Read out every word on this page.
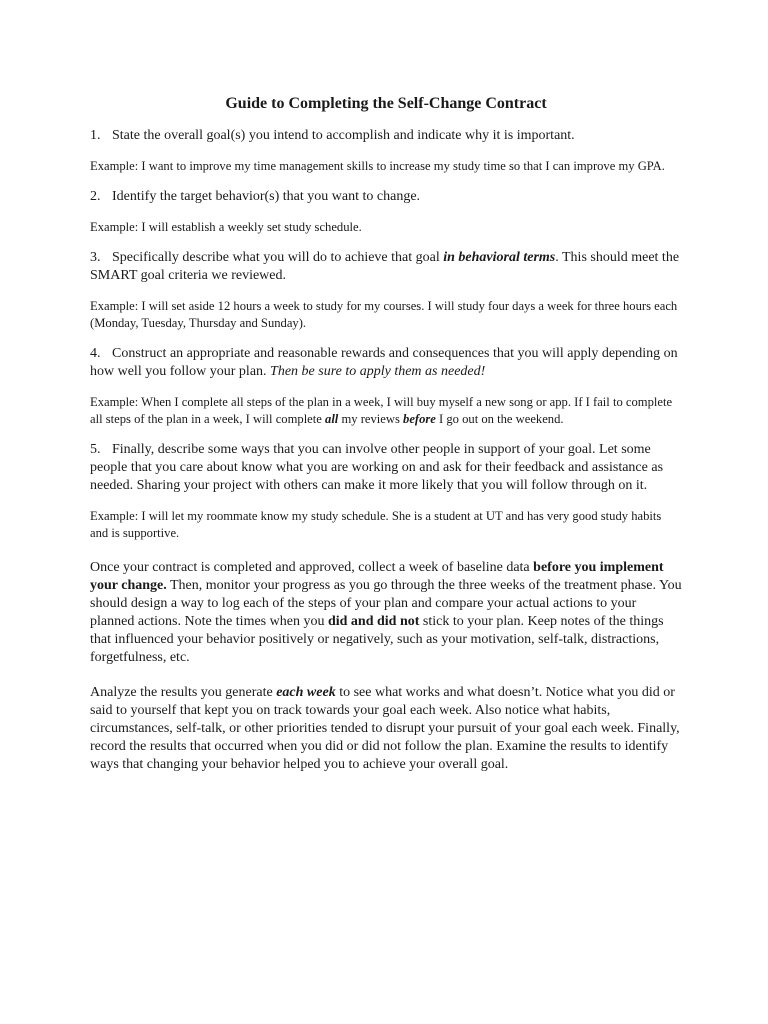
Guide to Completing the Self-Change Contract

1. State the overall goal(s) you intend to accomplish and indicate why it is important.

Example: I want to improve my time management skills to increase my study time so that I can improve my GPA.

2. Identify the target behavior(s) that you want to change.

Example: I will establish a weekly set study schedule.

3. Specifically describe what you will do to achieve that goal in behavioral terms. This should meet the SMART goal criteria we reviewed.

Example: I will set aside 12 hours a week to study for my courses. I will study four days a week for three hours each (Monday, Tuesday, Thursday and Sunday).

4. Construct an appropriate and reasonable rewards and consequences that you will apply depending on how well you follow your plan. Then be sure to apply them as needed!

Example: When I complete all steps of the plan in a week, I will buy myself a new song or app. If I fail to complete all steps of the plan in a week, I will complete all my reviews before I go out on the weekend.

5. Finally, describe some ways that you can involve other people in support of your goal. Let some people that you care about know what you are working on and ask for their feedback and assistance as needed. Sharing your project with others can make it more likely that you will follow through on it.

Example: I will let my roommate know my study schedule. She is a student at UT and has very good study habits and is supportive.

Once your contract is completed and approved, collect a week of baseline data before you implement your change. Then, monitor your progress as you go through the three weeks of the treatment phase. You should design a way to log each of the steps of your plan and compare your actual actions to your planned actions. Note the times when you did and did not stick to your plan. Keep notes of the things that influenced your behavior positively or negatively, such as your motivation, self-talk, distractions, forgetfulness, etc.

Analyze the results you generate each week to see what works and what doesn’t. Notice what you did or said to yourself that kept you on track towards your goal each week. Also notice what habits, circumstances, self-talk, or other priorities tended to disrupt your pursuit of your goal each week. Finally, record the results that occurred when you did or did not follow the plan. Examine the results to identify ways that changing your behavior helped you to achieve your overall goal.
